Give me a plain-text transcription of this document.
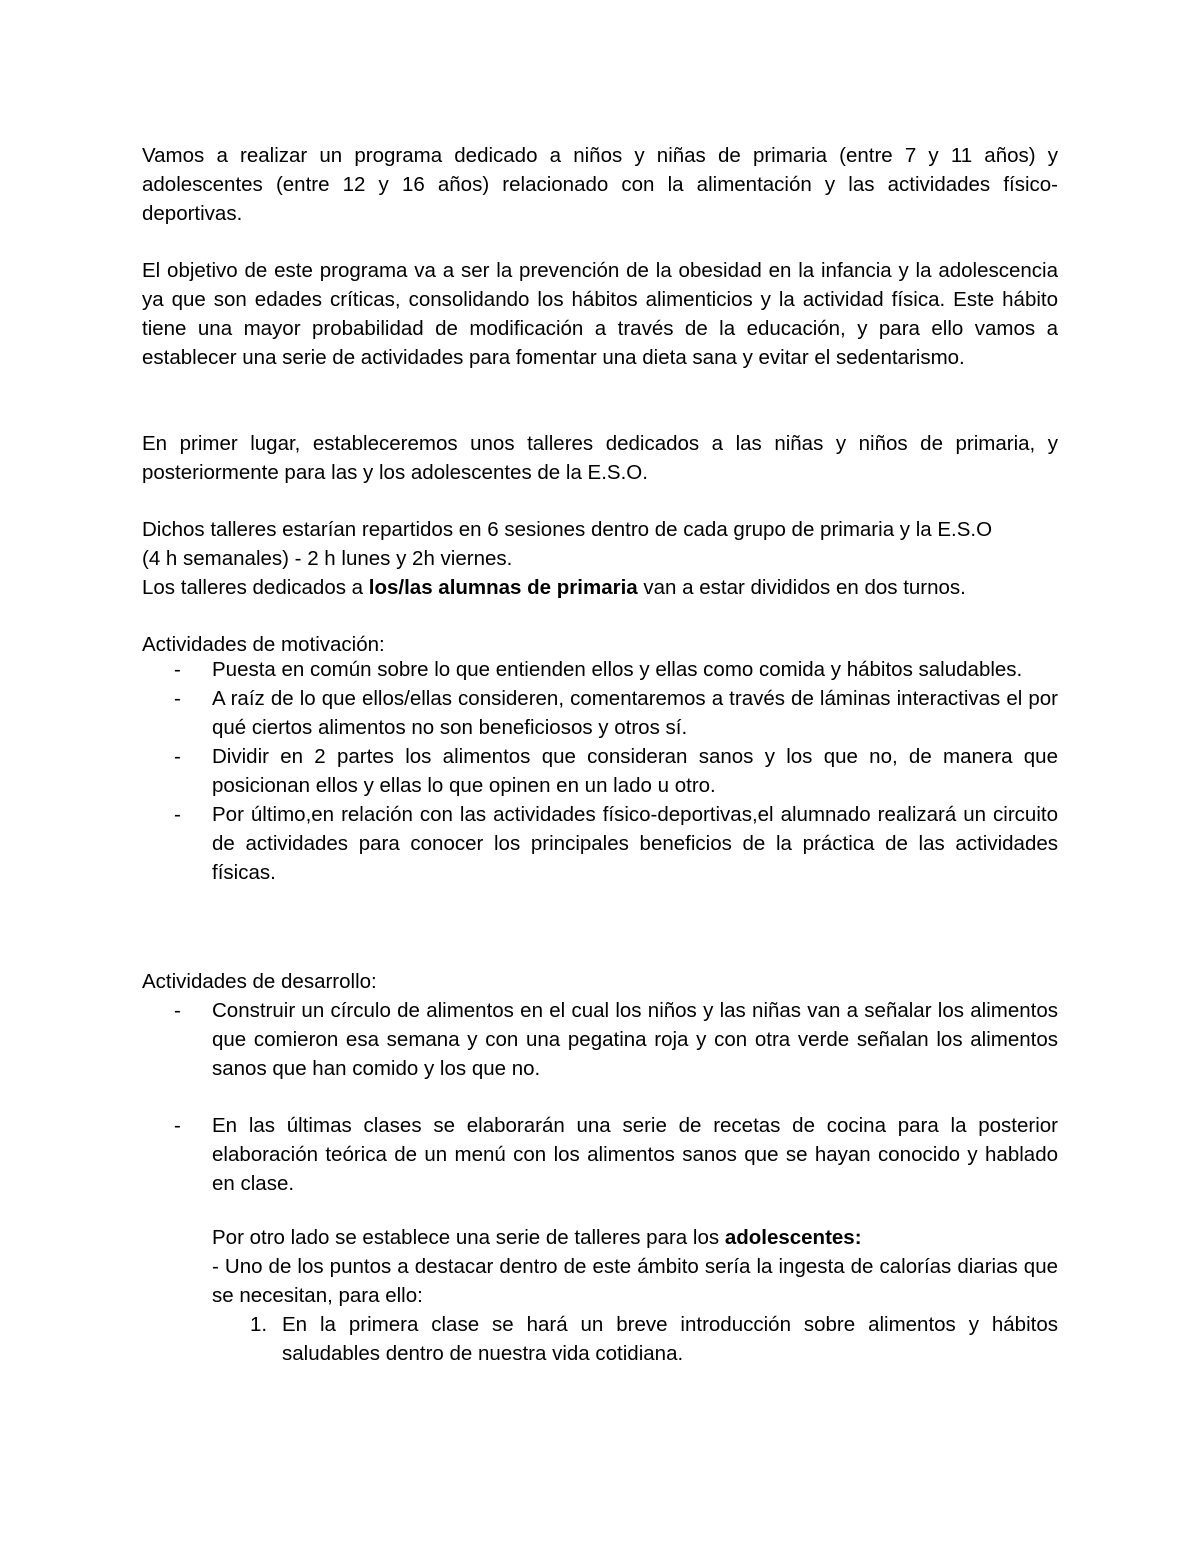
Vamos a realizar un programa dedicado a niños y niñas de primaria (entre 7 y 11 años) y adolescentes (entre 12 y 16 años) relacionado con la alimentación y las actividades físico-deportivas.

El objetivo de este programa va a ser la prevención de la obesidad en la infancia y la adolescencia ya que son edades críticas, consolidando los hábitos alimenticios y la actividad física. Este hábito tiene una mayor probabilidad de modificación a través de la educación, y para ello vamos a establecer una serie de actividades para fomentar una dieta sana y evitar el sedentarismo.

En primer lugar, estableceremos unos talleres dedicados a las niñas y niños de primaria, y posteriormente para las y los adolescentes de la E.S.O.

Dichos talleres estarían repartidos en 6 sesiones dentro de cada grupo de primaria y la E.S.O

(4 h semanales) - 2 h lunes y 2h viernes.

Los talleres dedicados a los/las alumnas de primaria van a estar divididos en dos turnos.

Actividades de motivación:

- Puesta en común sobre lo que entienden ellos y ellas como comida y hábitos saludables.
- A raíz de lo que ellos/ellas consideren, comentaremos a través de láminas interactivas el por qué ciertos alimentos no son beneficiosos y otros sí.
- Dividir en 2 partes los alimentos que consideran sanos y los que no, de manera que posicionan ellos y ellas lo que opinen en un lado u otro.
- Por último,en relación con las actividades físico-deportivas,el alumnado realizará un circuito de actividades para conocer los principales beneficios de la práctica de las actividades físicas.

Actividades de desarrollo:

- Construir un círculo de alimentos en el cual los niños y las niñas van a señalar los alimentos que comieron esa semana y con una pegatina roja y con otra verde señalan los alimentos sanos que han comido y los que no.
- En las últimas clases se elaborarán una serie de recetas de cocina para la posterior elaboración teórica de un menú con los alimentos sanos que se hayan conocido y hablado en clase.

Por otro lado se establece una serie de talleres para los adolescentes:

- Uno de los puntos a destacar dentro de este ámbito sería la ingesta de calorías diarias que se necesitan, para ello:

1. En la primera clase se hará un breve introducción sobre alimentos y hábitos saludables dentro de nuestra vida cotidiana.
